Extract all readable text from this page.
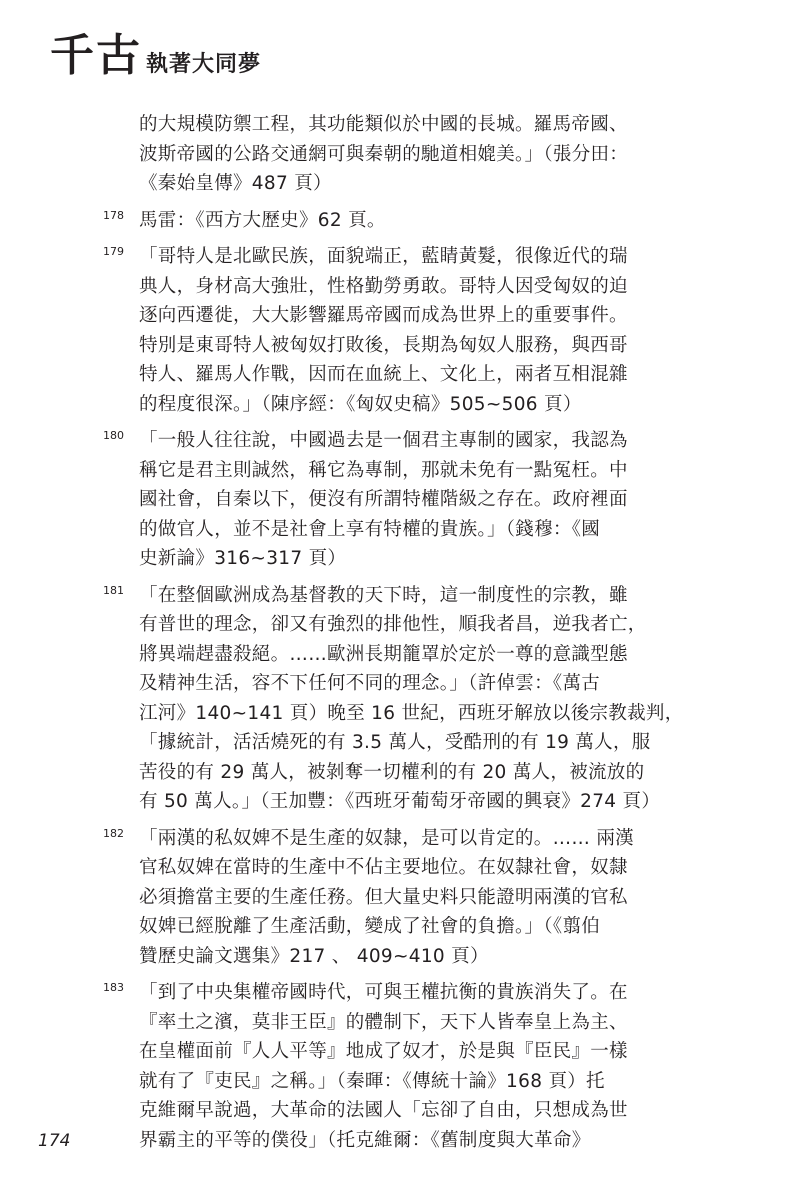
千古 執著大同夢
的大規模防禦工程，其功能類似於中國的長城。羅馬帝國、
波斯帝國的公路交通網可與秦朝的馳道相媲美。」（張分田：
《秦始皇傳》487 頁）
178 馬雷：《西方大歷史》62 頁。
179 「哥特人是北歐民族，面貌端正，藍睛黃髮，很像近代的瑞
典人，身材高大強壯，性格勤勞勇敢。哥特人因受匈奴的迫
逐向西遷徙，大大影響羅馬帝國而成為世界上的重要事件。
特別是東哥特人被匈奴打敗後，長期為匈奴人服務，與西哥
特人、羅馬人作戰，因而在血統上、文化上，兩者互相混雜
的程度很深。」（陳序經：《匈奴史稿》505~506 頁）
180 「一般人往往說，中國過去是一個君主專制的國家，我認為
稱它是君主則誠然，稱它為專制，那就未免有一點冤枉。中
國社會，自秦以下，便沒有所謂特權階級之存在。政府裡面
的做官人，並不是社會上享有特權的貴族。」（錢穆：《國
史新論》316~317 頁）
181 「在整個歐洲成為基督教的天下時，這一制度性的宗教，雖
有普世的理念，卻又有強烈的排他性，順我者昌，逆我者亡，
將異端趕盡殺絕。……歐洲長期籠罩於定於一尊的意識型態
及精神生活，容不下任何不同的理念。」（許倬雲：《萬古
江河》140~141 頁）晚至 16 世紀，西班牙解放以後宗教裁判，
「據統計，活活燒死的有 3.5 萬人，受酷刑的有 19 萬人，服
苦役的有 29 萬人，被剝奪一切權利的有 20 萬人，被流放的
有 50 萬人。」（王加豐：《西班牙葡萄牙帝國的興衰》274 頁）
182 「兩漢的私奴婢不是生產的奴隸，是可以肯定的。…… 兩漢
官私奴婢在當時的生產中不佔主要地位。在奴隸社會，奴隸
必須擔當主要的生產任務。但大量史料只能證明兩漢的官私
奴婢已經脫離了生產活動，變成了社會的負擔。」（《翦伯
贊歷史論文選集》217 、 409~410 頁）
183 「到了中央集權帝國時代，可與王權抗衡的貴族消失了。在
『率土之濱，莫非王臣』的體制下，天下人皆奉皇上為主、
在皇權面前『人人平等』地成了奴才，於是與『臣民』一樣
就有了『吏民』之稱。」（秦暉：《傳統十論》168 頁）托
克維爾早說過，大革命的法國人「忘卻了自由，只想成為世
界霸主的平等的僕役」（托克維爾：《舊制度與大革命》
174
